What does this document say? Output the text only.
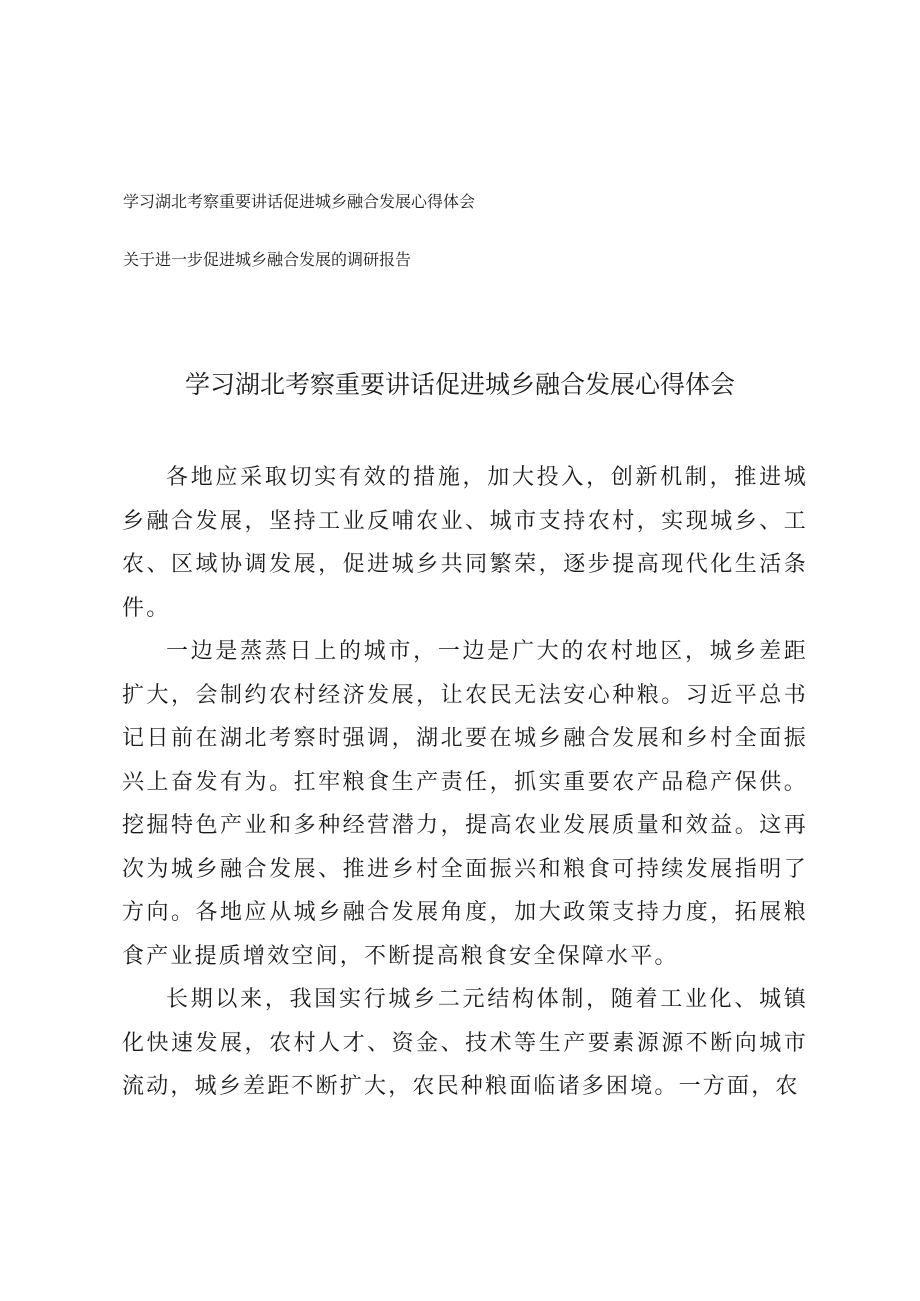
学习湖北考察重要讲话促进城乡融合发展心得体会
关于进一步促进城乡融合发展的调研报告
学习湖北考察重要讲话促进城乡融合发展心得体会

各地应采取切实有效的措施，加大投入，创新机制，推进城乡融合发展，坚持工业反哺农业、城市支持农村，实现城乡、工农、区域协调发展，促进城乡共同繁荣，逐步提高现代化生活条件。

一边是蒸蒸日上的城市，一边是广大的农村地区，城乡差距扩大，会制约农村经济发展，让农民无法安心种粮。习近平总书记日前在湖北考察时强调，湖北要在城乡融合发展和乡村全面振兴上奋发有为。扛牢粮食生产责任，抓实重要农产品稳产保供。挖掘特色产业和多种经营潜力，提高农业发展质量和效益。这再次为城乡融合发展、推进乡村全面振兴和粮食可持续发展指明了方向。各地应从城乡融合发展角度，加大政策支持力度，拓展粮食产业提质增效空间，不断提高粮食安全保障水平。

长期以来，我国实行城乡二元结构体制，随着工业化、城镇化快速发展，农村人才、资金、技术等生产要素源源不断向城市流动，城乡差距不断扩大，农民种粮面临诸多困境。一方面，农
